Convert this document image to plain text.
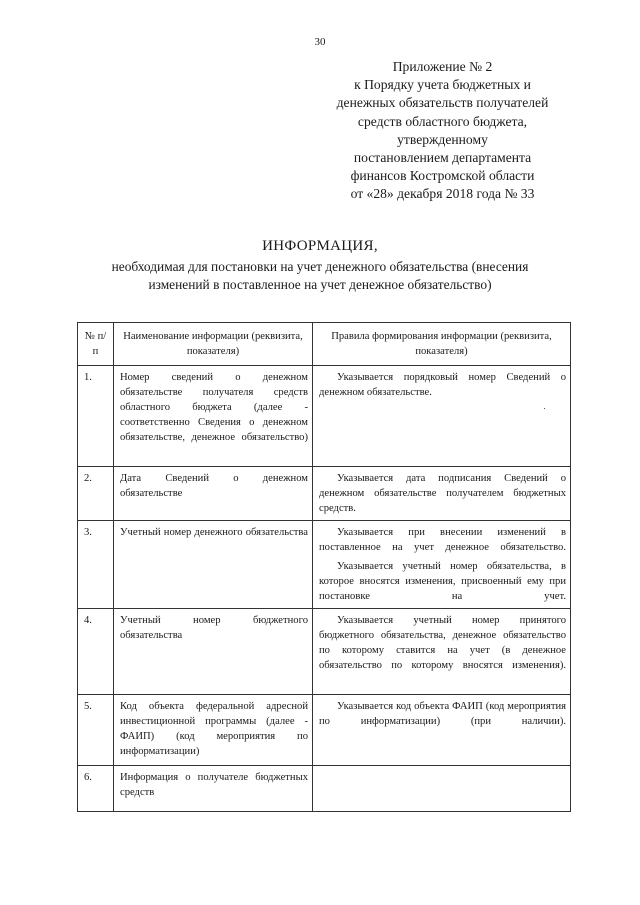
30
Приложение № 2
к Порядку учета бюджетных и
денежных обязательств получателей
средств областного бюджета,
утвержденному
постановлением департамента
финансов Костромской области
от «28» декабря 2018 года № 33
ИНФОРМАЦИЯ,
необходимая для постановки на учет денежного обязательства (внесения
изменений в поставленное на учет денежное обязательство)
№ п/п	Наименование информации (реквизита, показателя)	Правила формирования информации (реквизита, показателя)
1.	Номер сведений о денежном обязательстве получателя средств областного бюджета (далее - соответственно Сведения о денежном обязательстве, денежное обязательство)	Указывается порядковый номер Сведений о денежном обязательстве.

2.	Дата Сведений о денежном обязательстве	Указывается дата подписания Сведений о денежном обязательстве получателем бюджетных средств.

3.	Учетный номер денежного обязательства	Указывается при внесении изменений в поставленное на учет денежное обязательство.

Указывается учетный номер обязательства, в которое вносятся изменения, присвоенный ему при постановке на учет.

4.	Учетный номер бюджетного обязательства	Указывается учетный номер принятого бюджетного обязательства, денежное обязательство по которому ставится на учет (в денежное обязательство по которому вносятся изменения).

5.	Код объекта федеральной адресной инвестиционной программы (далее - ФАИП) (код мероприятия по информатизации)	Указывается код объекта ФАИП (код мероприятия по информатизации) (при наличии).

6.	Информация о получателе бюджетных средств	
